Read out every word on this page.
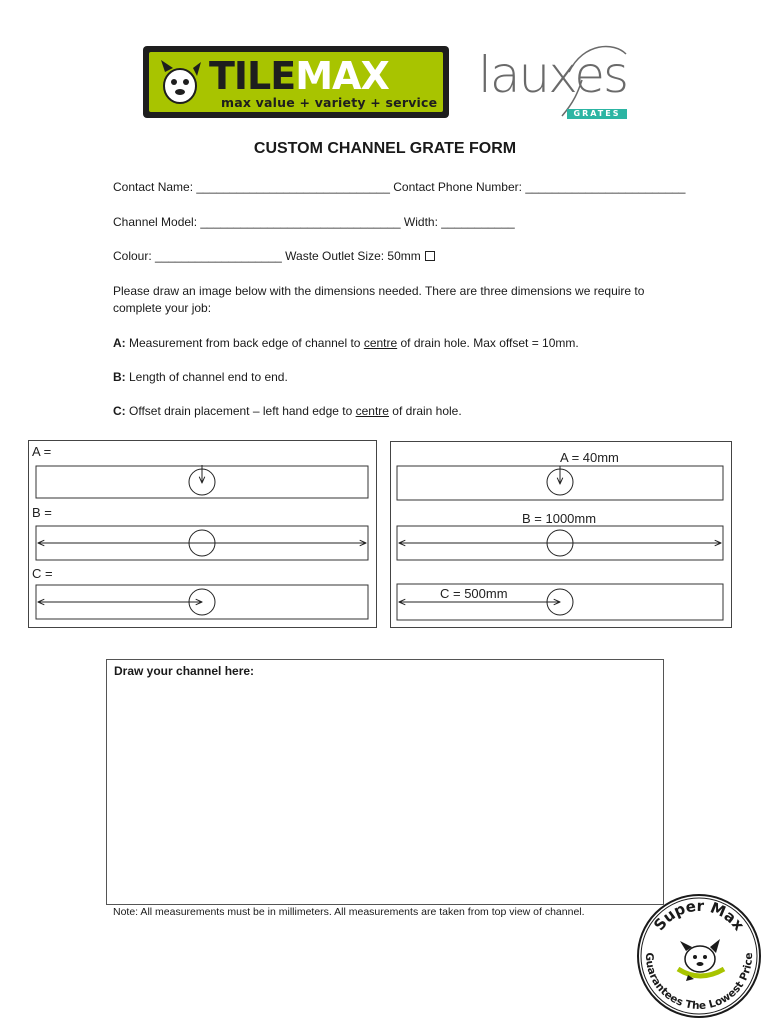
TILEMAX
max value + variety + service lauxes
GRATES
CUSTOM CHANNEL GRATE FORM
Contact Name: _____________________________ Contact Phone Number: ________________________
Channel Model: ______________________________ Width: ___________
Colour: ___________________ Waste Outlet Size: 50mm
Please draw an image below with the dimensions needed. There are three dimensions we require to complete your job:
A: Measurement from back edge of channel to centre of drain hole. Max offset = 10mm.
B: Length of channel end to end.
C: Offset drain placement – left hand edge to centre of drain hole.
A =
B =
C =
A = 40mm
B = 1000mm
C = 500mm
Draw your channel here:
Note: All measurements must be in millimeters. All measurements are taken from top view of channel.
Super Max
Guarantees The Lowest Price
